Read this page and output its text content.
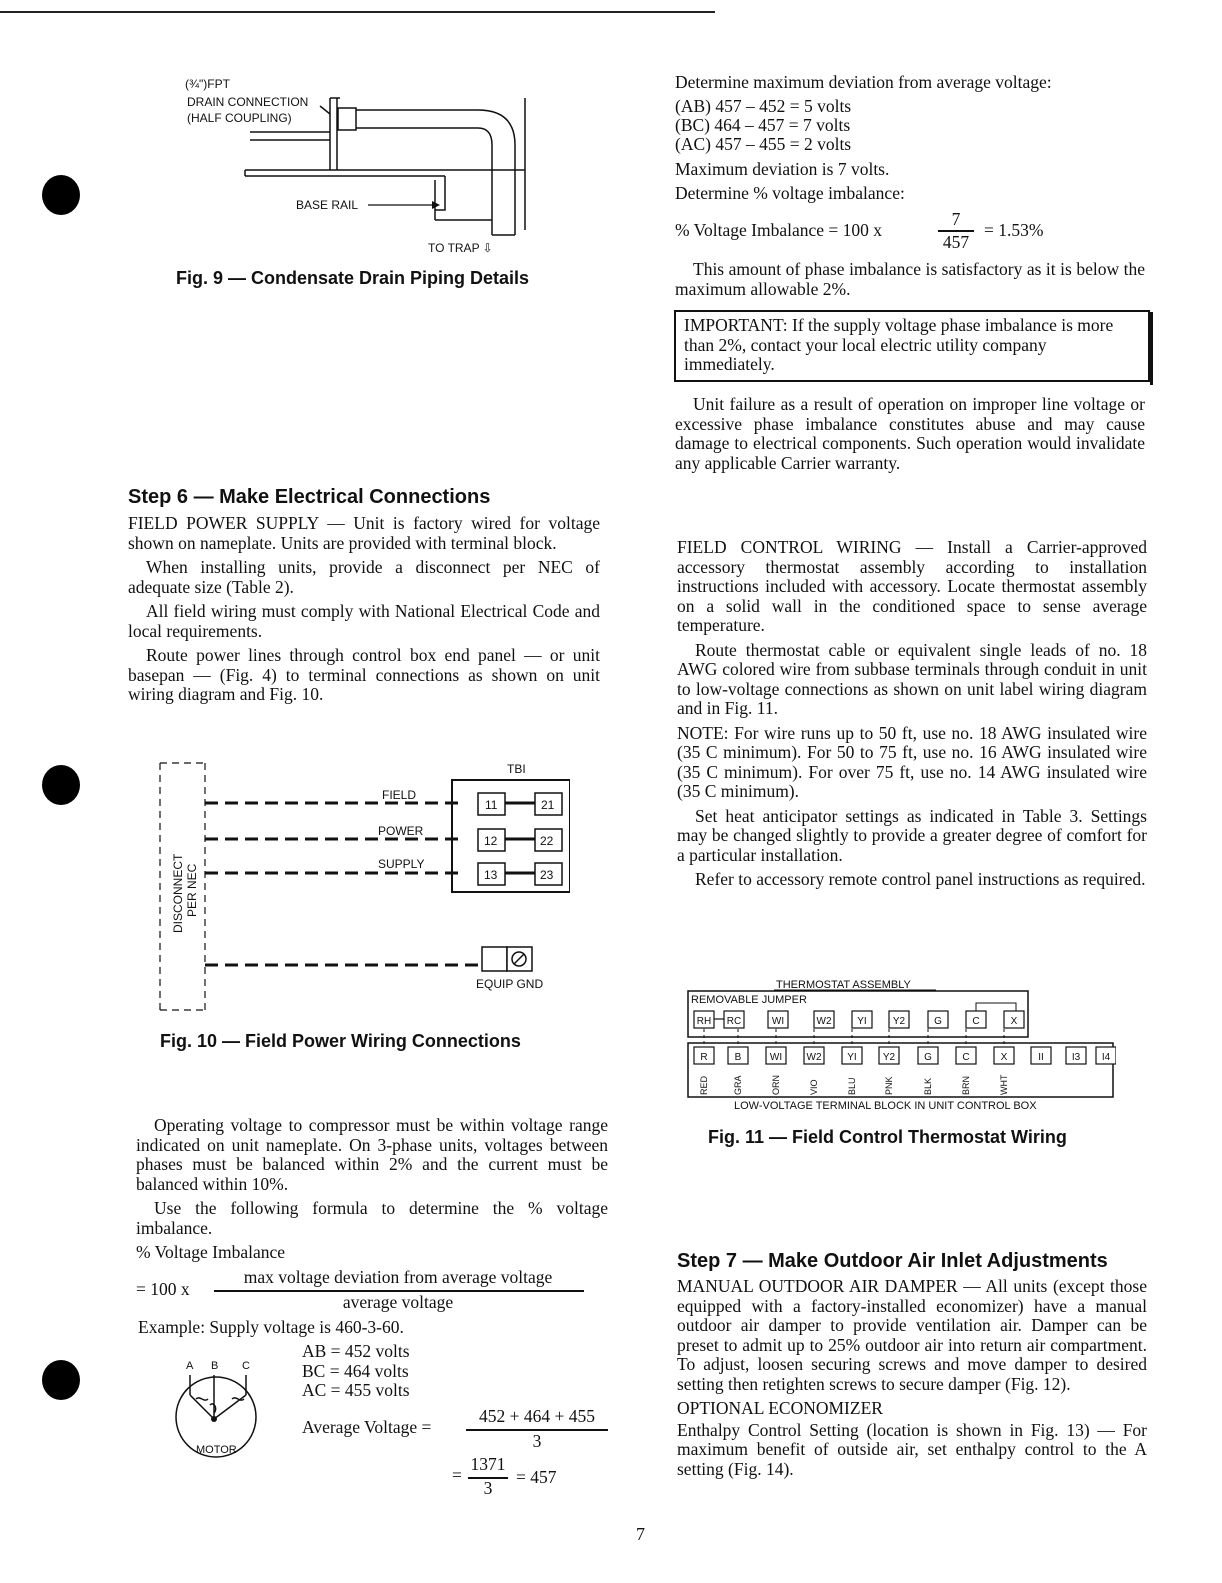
(¾")FPT
DRAIN CONNECTION
(HALF COUPLING)
BASE RAIL
TO TRAP ⇩
Fig. 9 — Condensate Drain Piping Details
Step 6 — Make Electrical Connections

FIELD POWER SUPPLY — Unit is factory wired for voltage shown on nameplate. Units are provided with terminal block.

When installing units, provide a disconnect per NEC of adequate size (Table 2).

All field wiring must comply with National Electrical Code and local requirements.

Route power lines through control box end panel — or unit basepan — (Fig. 4) to terminal connections as shown on unit wiring diagram and Fig. 10.

TBI
FIELD
POWER
SUPPLY
11	21
12	22
13	23
DISCONNECT PER NEC
EQUIP GND
Fig. 10 — Field Power Wiring Connections

Operating voltage to compressor must be within voltage range indicated on unit nameplate. On 3-phase units, voltages between phases must be balanced within 2% and the current must be balanced within 10%.

Use the following formula to determine the % voltage imbalance.

% Voltage Imbalance
= 100 x
max voltage deviation from average voltage
average voltage
Example: Supply voltage is 460-3-60.
AB = 452 volts
BC = 464 volts
AC = 455 volts
A B C
MOTOR
Average Voltage =
452 + 464 + 455
3
=
1371
3
= 457
Determine maximum deviation from average voltage:
(AB) 457 – 452 = 5 volts
(BC) 464 – 457 = 7 volts
(AC) 457 – 455 = 2 volts
Maximum deviation is 7 volts.
Determine % voltage imbalance:
% Voltage Imbalance = 100 x
7
457
= 1.53%

This amount of phase imbalance is satisfactory as it is below the maximum allowable 2%.

IMPORTANT: If the supply voltage phase imbalance is more than 2%, contact your local electric utility company immediately.

Unit failure as a result of operation on improper line voltage or excessive phase imbalance constitutes abuse and may cause damage to electrical components. Such operation would invalidate any applicable Carrier warranty.

FIELD CONTROL WIRING — Install a Carrier-approved accessory thermostat assembly according to installation instructions included with accessory. Locate thermostat assembly on a solid wall in the conditioned space to sense average temperature.

Route thermostat cable or equivalent single leads of no. 18 AWG colored wire from subbase terminals through conduit in unit to low-voltage connections as shown on unit label wiring diagram and in Fig. 11.

NOTE: For wire runs up to 50 ft, use no. 18 AWG insulated wire (35 C minimum). For 50 to 75 ft, use no. 16 AWG insulated wire (35 C minimum). For over 75 ft, use no. 14 AWG insulated wire (35 C minimum).

Set heat anticipator settings as indicated in Table 3. Settings may be changed slightly to provide a greater degree of comfort for a particular installation.

Refer to accessory remote control panel instructions as required.

THERMOSTAT ASSEMBLY
REMOVABLE JUMPER
RH RC	WI	W2	YI	Y2	G	C	X
R	B	WI W2	YI	Y2	G	C	X	II	I3 I4
RED	GRA	ORN	VIO	BLU	PNK	BLK	BRN	WHT
LOW-VOLTAGE TERMINAL BLOCK IN UNIT CONTROL BOX
Fig. 11 — Field Control Thermostat Wiring
Step 7 — Make Outdoor Air Inlet Adjustments

MANUAL OUTDOOR AIR DAMPER — All units (except those equipped with a factory-installed economizer) have a manual outdoor air damper to provide ventilation air. Damper can be preset to admit up to 25% outdoor air into return air compartment. To adjust, loosen securing screws and move damper to desired setting then retighten screws to secure damper (Fig. 12).

OPTIONAL ECONOMIZER

Enthalpy Control Setting (location is shown in Fig. 13) — For maximum benefit of outside air, set enthalpy control to the A setting (Fig. 14).

7
